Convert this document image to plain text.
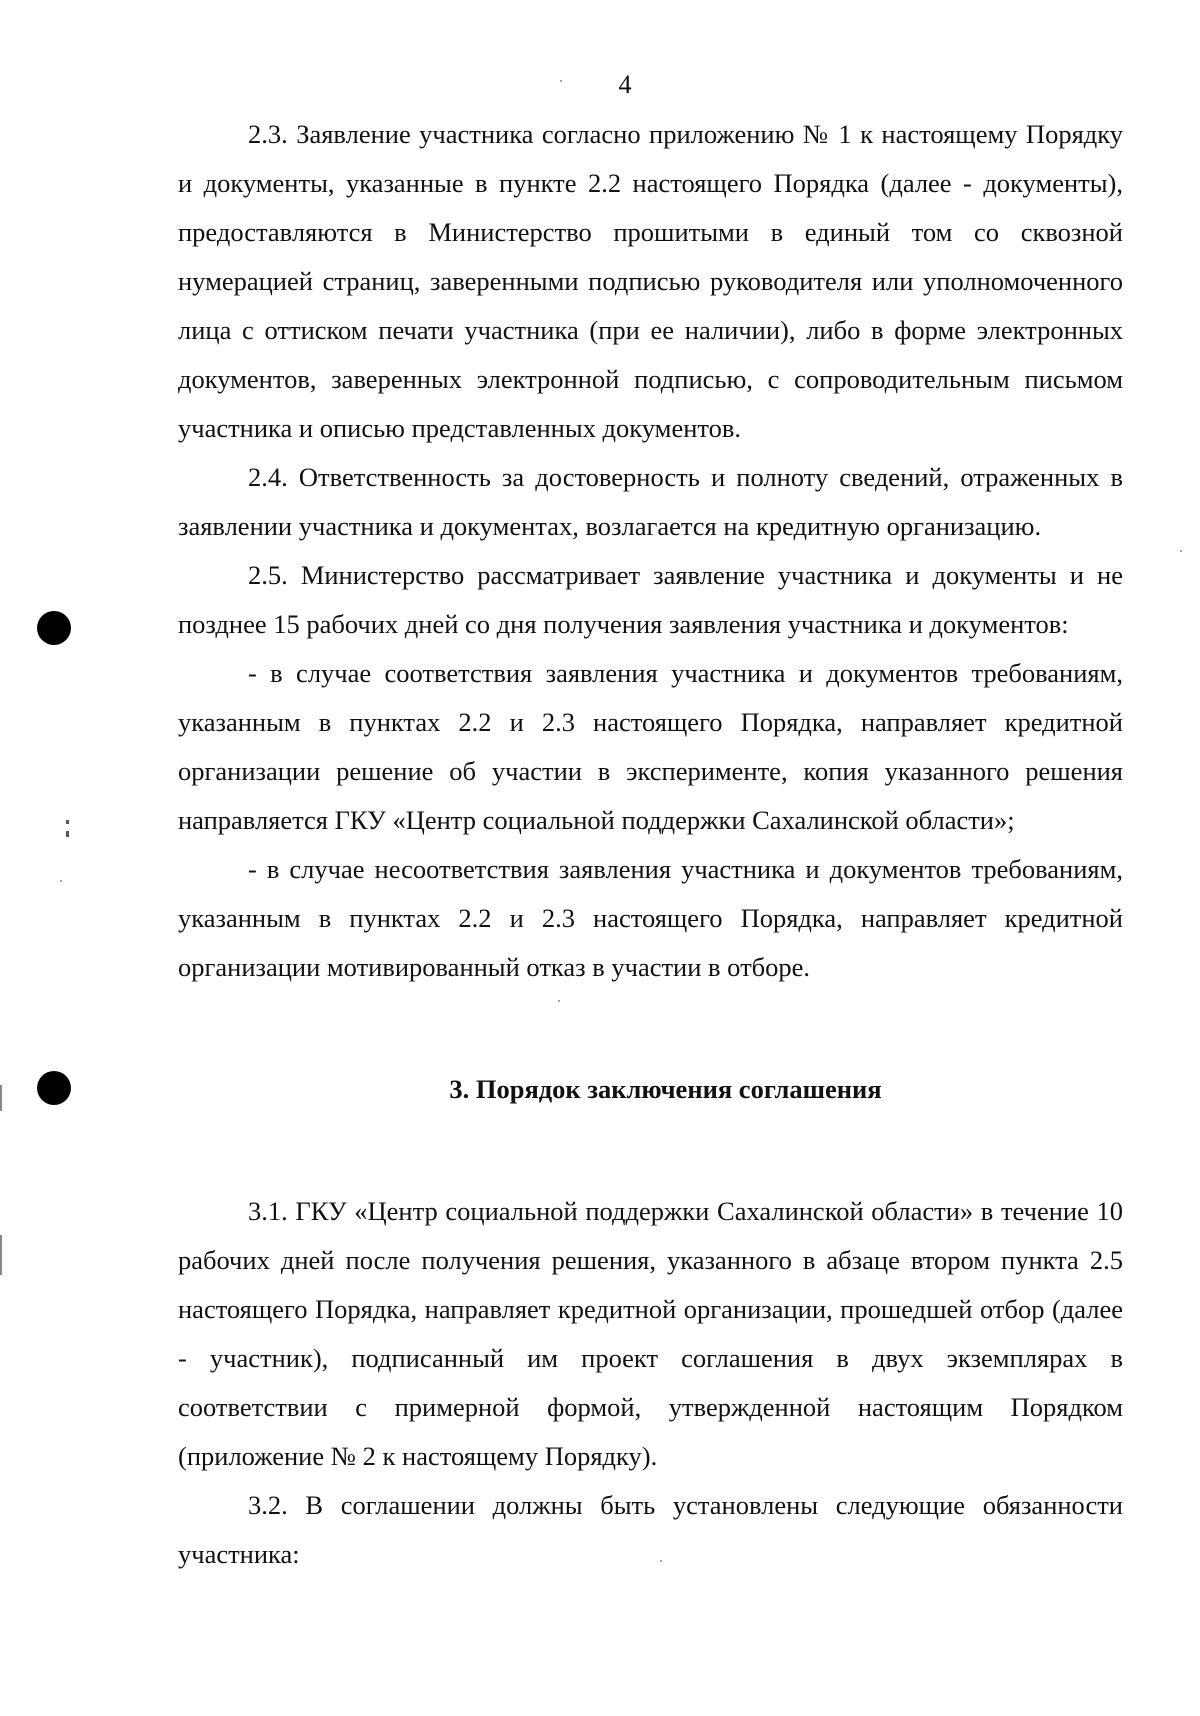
4

2.3. Заявление участника согласно приложению № 1 к настоящему Порядку и документы, указанные в пункте 2.2 настоящего Порядка (далее - документы), предоставляются в Министерство прошитыми в единый том со сквозной нумерацией страниц, заверенными подписью руководителя или уполномоченного лица с оттиском печати участника (при ее наличии), либо в форме электронных документов, заверенных электронной подписью, с сопроводительным письмом участника и описью представленных документов.

2.4. Ответственность за достоверность и полноту сведений, отраженных в заявлении участника и документах, возлагается на кредитную организацию.

2.5. Министерство рассматривает заявление участника и документы и не позднее 15 рабочих дней со дня получения заявления участника и документов:

- в случае соответствия заявления участника и документов требованиям, указанным в пунктах 2.2 и 2.3 настоящего Порядка, направляет кредитной организации решение об участии в эксперименте, копия указанного решения направляется ГКУ «Центр социальной поддержки Сахалинской области»;

- в случае несоответствия заявления участника и документов требованиям, указанным в пунктах 2.2 и 2.3 настоящего Порядка, направляет кредитной организации мотивированный отказ в участии в отборе.

3. Порядок заключения соглашения

3.1. ГКУ «Центр социальной поддержки Сахалинской области» в течение 10 рабочих дней после получения решения, указанного в абзаце втором пункта 2.5 настоящего Порядка, направляет кредитной организации, прошедшей отбор (далее - участник), подписанный им проект соглашения в двух экземплярах в соответствии с примерной формой, утвержденной настоящим Порядком (приложение № 2 к настоящему Порядку).

3.2. В соглашении должны быть установлены следующие обязанности участника:
